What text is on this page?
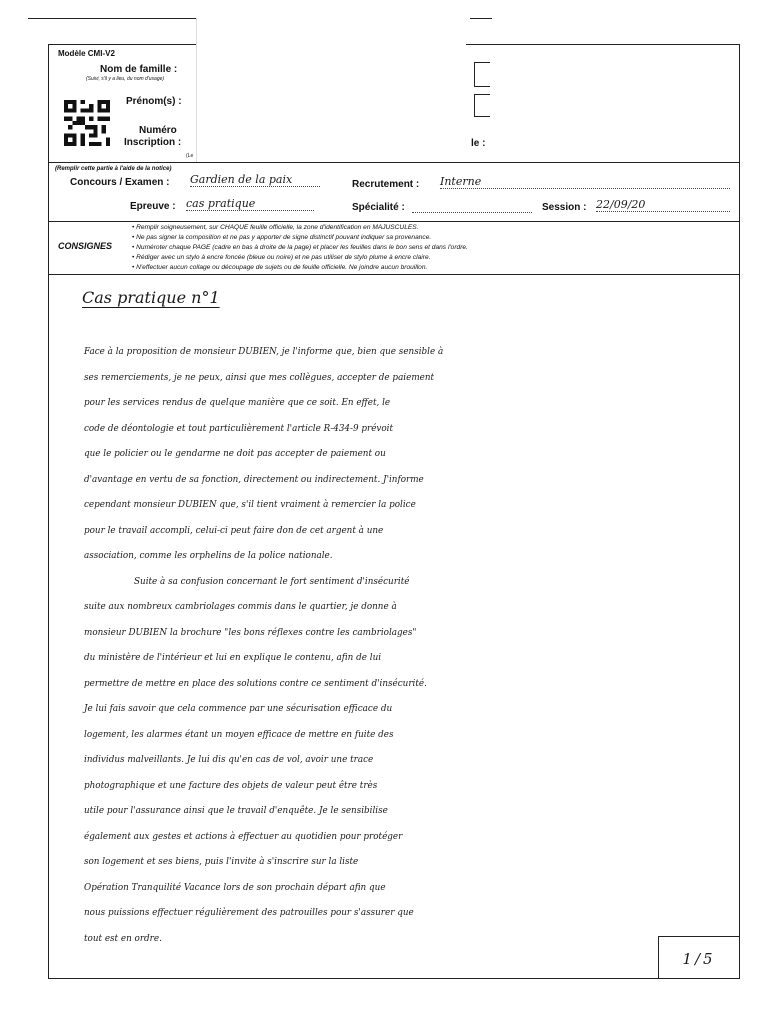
Modèle CMI-V2
Nom de famille :
(Suivi, s'il y a lieu, du nom d'usage)
Prénom(s) :
Numéro
Inscription :
(Le
le :
(Remplir cette partie à l'aide de la notice)
Concours / Examen : Gardien de la paix	Recrutement : Interne
Epreuve : cas pratique	Spécialité :	Session : 22/09/20
CONSIGNES
• Remplir soigneusement, sur CHAQUE feuille officielle, la zone d'identification en MAJUSCULES.
• Ne pas signer la composition et ne pas y apporter de signe distinctif pouvant indiquer sa provenance.
• Numéroter chaque PAGE (cadre en bas à droite de la page) et placer les feuilles dans le bon sens et dans l'ordre.
• Rédiger avec un stylo à encre foncée (bleue ou noire) et ne pas utiliser de stylo plume à encre claire.
• N'effectuer aucun collage ou découpage de sujets ou de feuille officielle. Ne joindre aucun brouillon.
Cas pratique n°1

Face à la proposition de monsieur DUBIEN, je l'informe que, bien que sensible à

ses remerciements, je ne peux, ainsi que mes collègues, accepter de paiement

pour les services rendus de quelque manière que ce soit. En effet, le

code de déontologie et tout particulièrement l'article R-434-9 prévoit

que le policier ou le gendarme ne doit pas accepter de paiement ou

d'avantage en vertu de sa fonction, directement ou indirectement. J'informe

cependant monsieur DUBIEN que, s'il tient vraiment à remercier la police

pour le travail accompli, celui-ci peut faire don de cet argent à une

association, comme les orphelins de la police nationale.

Suite à sa confusion concernant le fort sentiment d'insécurité

suite aux nombreux cambriolages commis dans le quartier, je donne à

monsieur DUBIEN la brochure "les bons réflexes contre les cambriolages"

du ministère de l'intérieur et lui en explique le contenu, afin de lui

permettre de mettre en place des solutions contre ce sentiment d'insécurité.

Je lui fais savoir que cela commence par une sécurisation efficace du

logement, les alarmes étant un moyen efficace de mettre en fuite des

individus malveillants. Je lui dis qu'en cas de vol, avoir une trace

photographique et une facture des objets de valeur peut être très

utile pour l'assurance ainsi que le travail d'enquête. Je le sensibilise

également aux gestes et actions à effectuer au quotidien pour protéger

son logement et ses biens, puis l'invite à s'inscrire sur la liste

Opération Tranquilité Vacance lors de son prochain départ afin que

nous puissions effectuer régulièrement des patrouilles pour s'assurer que

tout est en ordre.

1/5
